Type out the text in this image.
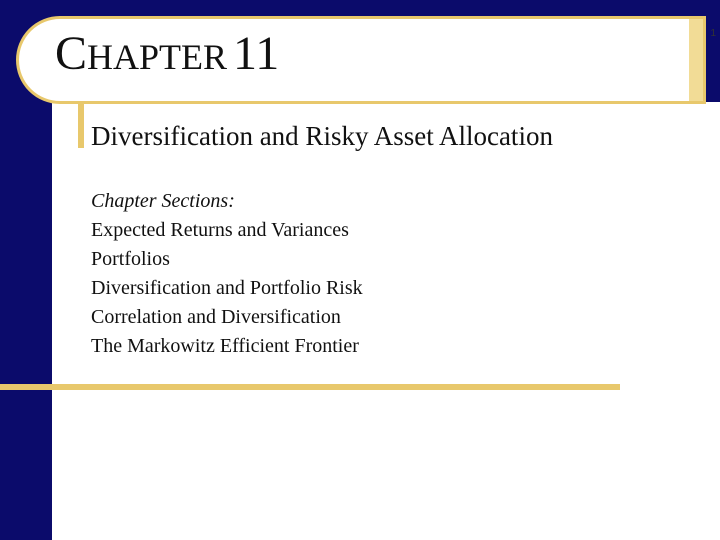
CHAPTER 11	1
Diversification and Risky Asset Allocation
Chapter Sections:
Expected Returns and Variances
Portfolios
Diversification and Portfolio Risk
Correlation and Diversification
The Markowitz Efficient Frontier
